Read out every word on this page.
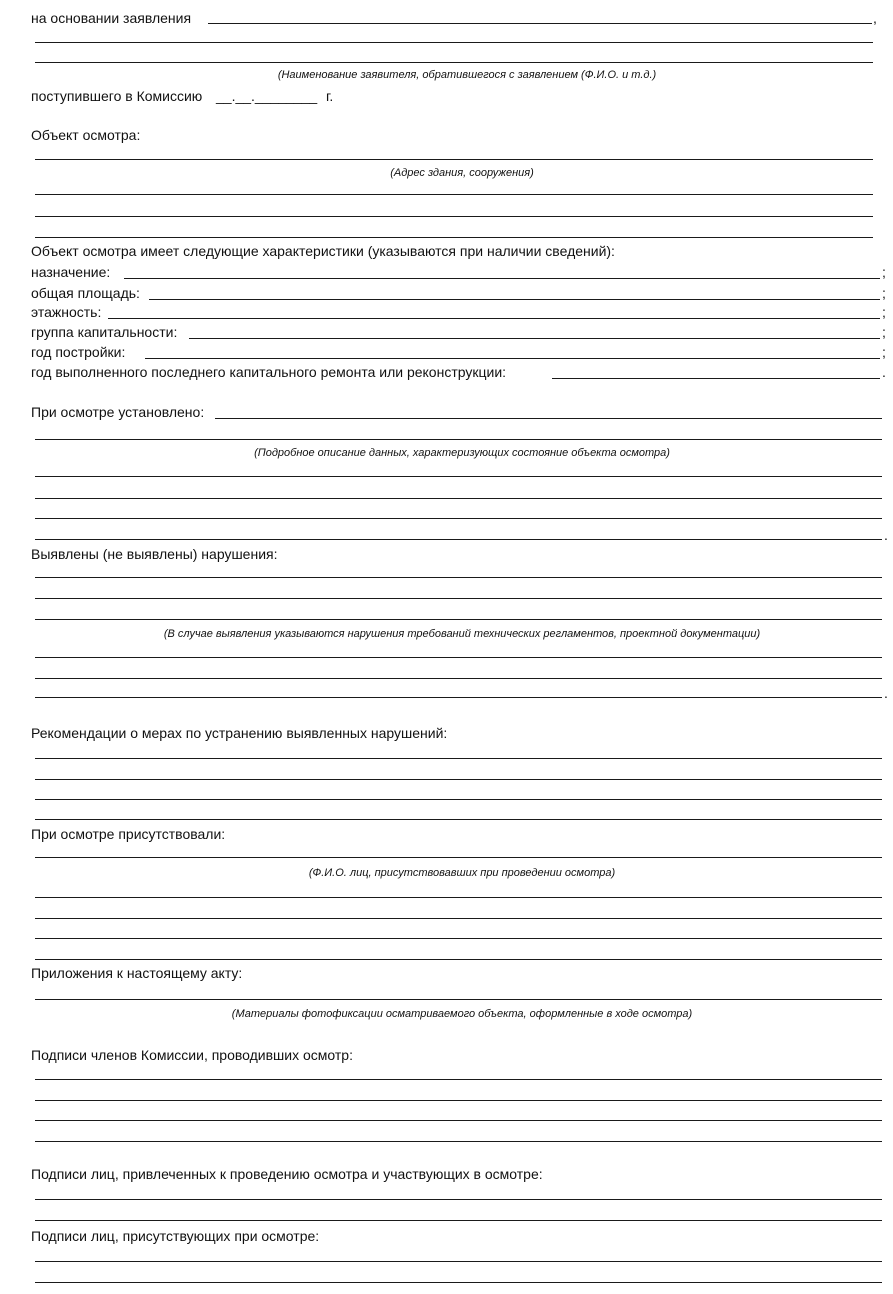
на основании заявления	,
(Наименование заявителя, обратившегося с заявлением (Ф.И.О. и т.д.)
поступившего в Комиссию __.__.________ г.
Объект осмотра:
(Адрес здания, сооружения)
Объект осмотра имеет следующие характеристики (указываются при наличии сведений):
назначение:	;
общая площадь:	;
этажность:	;
группа капитальности:	;
год постройки:	;
год выполненного последнего капитального ремонта или реконструкции:	.
При осмотре установлено:
(Подробное описание данных, характеризующих состояние объекта осмотра)
.
Выявлены (не выявлены) нарушения:
(В случае выявления указываются нарушения требований технических регламентов, проектной документации)
.
Рекомендации о мерах по устранению выявленных нарушений:
При осмотре присутствовали:
(Ф.И.О. лиц, присутствовавших при проведении осмотра)
Приложения к настоящему акту:
(Материалы фотофиксации осматриваемого объекта, оформленные в ходе осмотра)
Подписи членов Комиссии, проводивших осмотр:
Подписи лиц, привлеченных к проведению осмотра и участвующих в осмотре:
Подписи лиц, присутствующих при осмотре:
